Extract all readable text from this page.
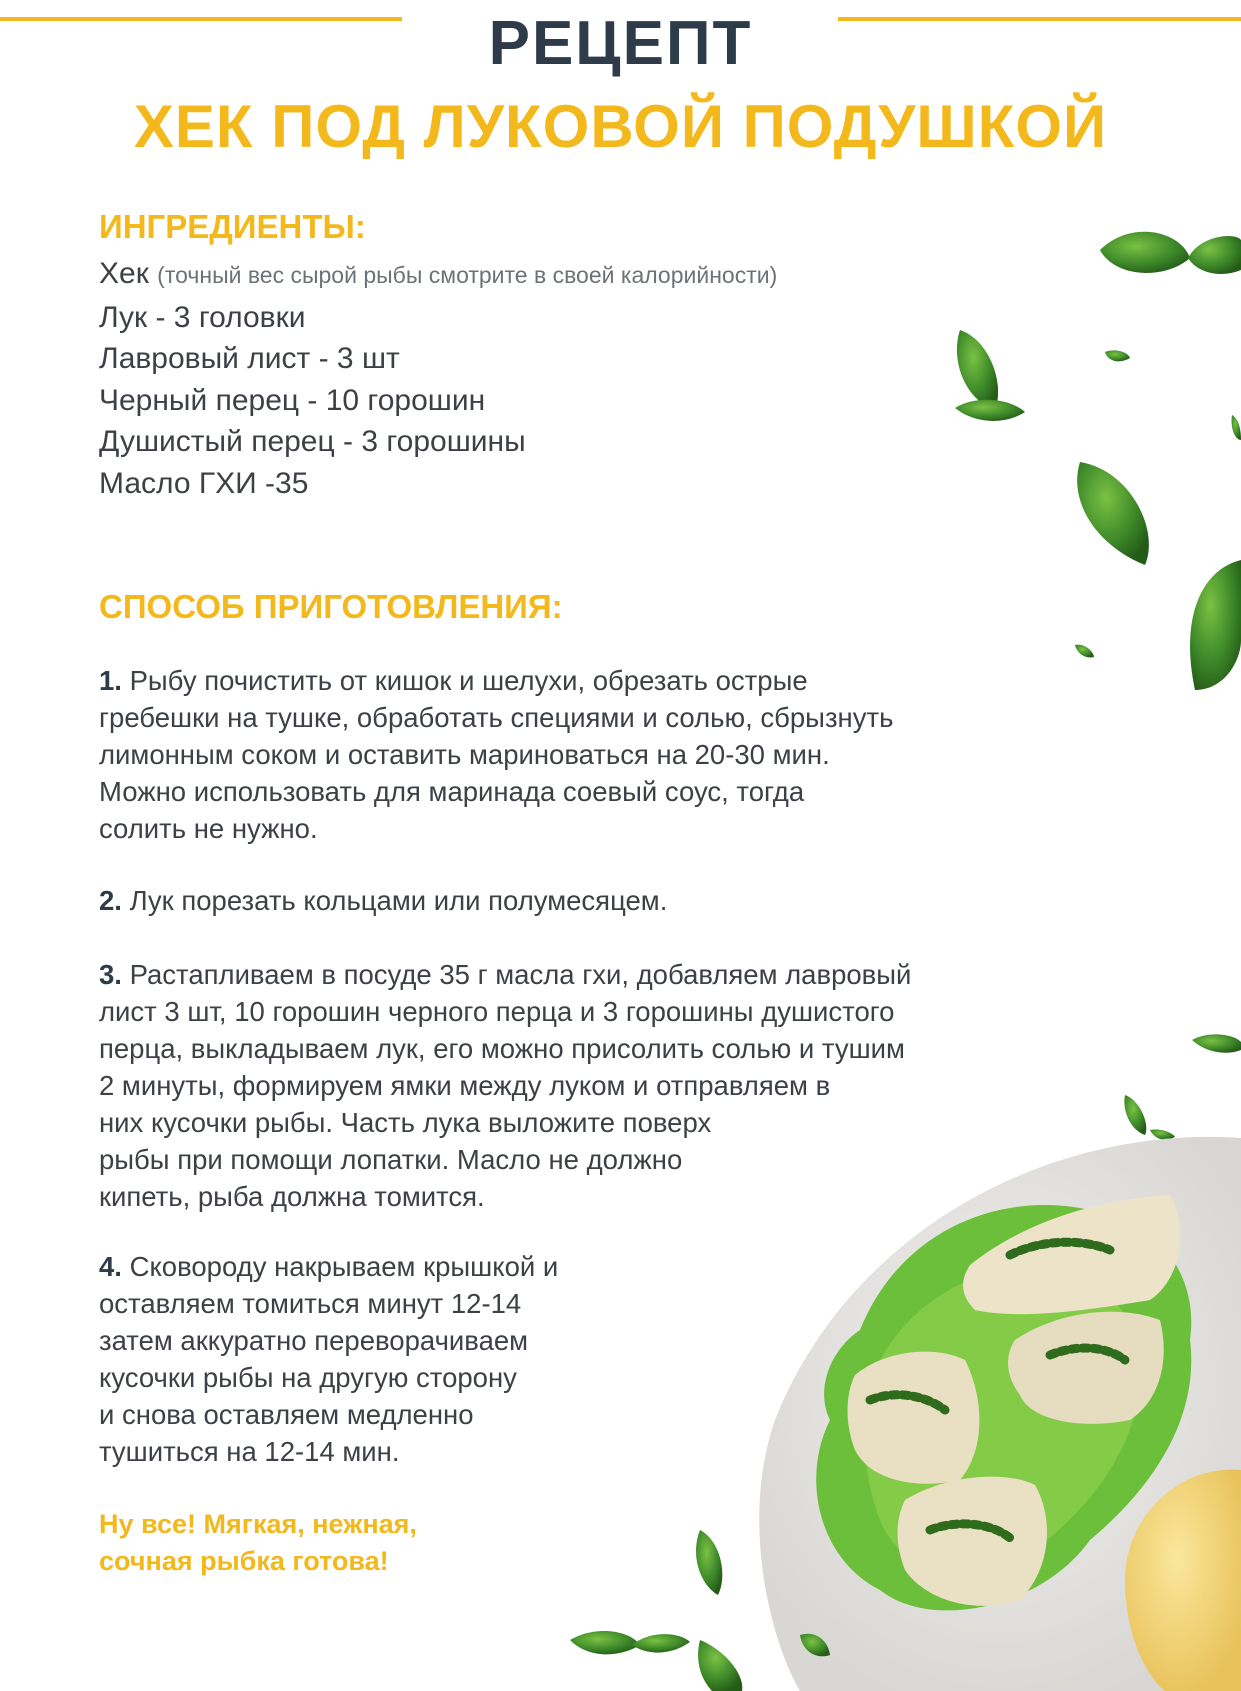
РЕЦЕПТ
ХЕК ПОД ЛУКОВОЙ ПОДУШКОЙ
ИНГРЕДИЕНТЫ:
Хек (точный вес сырой рыбы смотрите в своей калорийности)
Лук - 3 головки
Лавровый лист - 3 шт
Черный перец - 10 горошин
Душистый перец - 3 горошины
Масло ГХИ -35
СПОСОБ ПРИГОТОВЛЕНИЯ:
1. Рыбу почистить от кишок и шелухи, обрезать острые
гребешки на тушке, обработать специями и солью, сбрызнуть
лимонным соком и оставить мариноваться на 20-30 мин.
Можно использовать для маринада соевый соус, тогда
солить не нужно.
2. Лук порезать кольцами или полумесяцем.
3. Растапливаем в посуде 35 г масла гхи, добавляем лавровый
лист 3 шт, 10 горошин черного перца и 3 горошины душистого
перца, выкладываем лук, его можно присолить солью и тушим
2 минуты, формируем ямки между луком и отправляем в
них кусочки рыбы. Часть лука выложите поверх
рыбы при помощи лопатки. Масло не должно
кипеть, рыба должна томится.
4. Сковороду накрываем крышкой и
оставляем томиться минут 12-14
затем аккуратно переворачиваем
кусочки рыбы на другую сторону
и снова оставляем медленно
тушиться на 12-14 мин.
Ну все! Мягкая, нежная,
сочная рыбка готова!
